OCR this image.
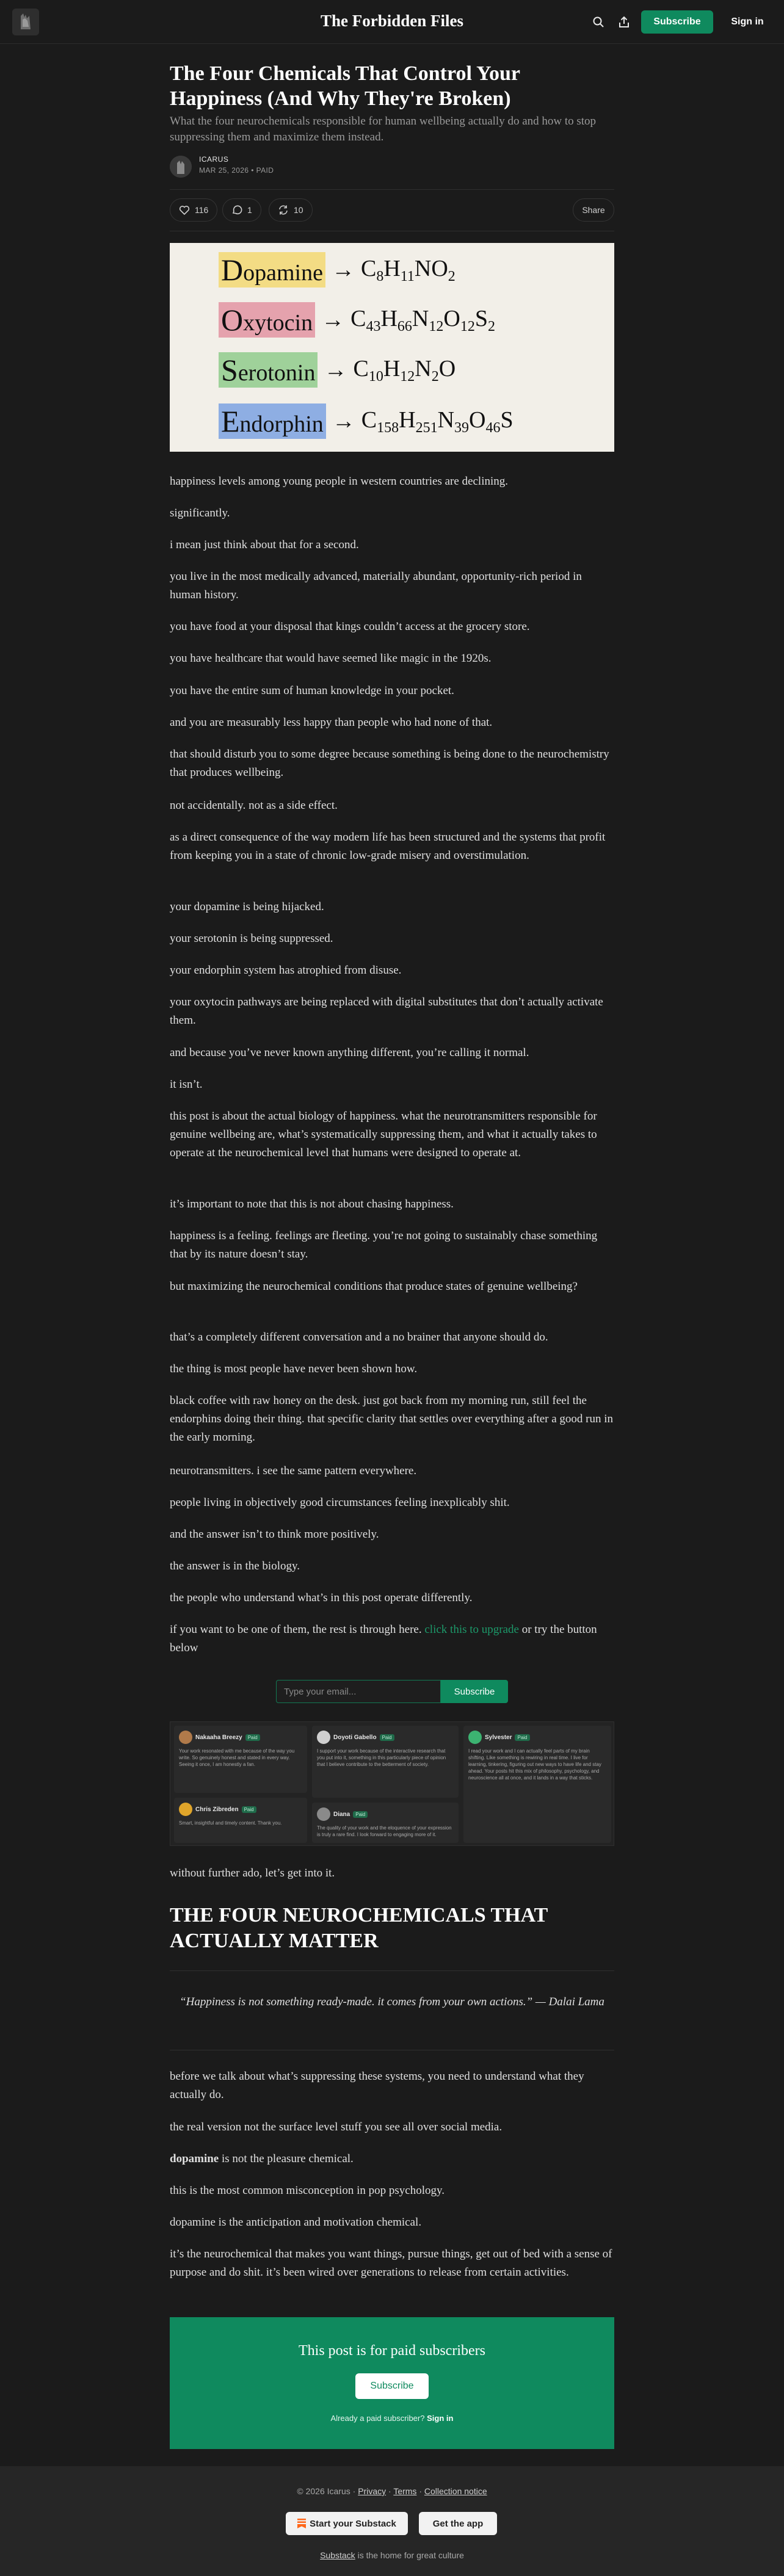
The Forbidden Files	Subscribe	Sign in
The Four Chemicals That Control Your Happiness (And Why They're Broken)
What the four neurochemicals responsible for human wellbeing actually do and how to stop suppressing them and maximize them instead.
ICARUS
MAR 25, 2026 • PAID
116	1	10	Share
Dopamine → $C_8H_{11}NO_2$
Oxytocin → $C_{43}H_{66}N_{12}O_{12}S_2$
Serotonin → $C_{10}H_{12}N_2O$
Endorphin → $C_{158}H_{251}N_{39}O_{46}S$

happiness levels among young people in western countries are declining.

significantly.

i mean just think about that for a second.

you live in the most medically advanced, materially abundant, opportunity-rich period in human history.

you have food at your disposal that kings couldn’t access at the grocery store.

you have healthcare that would have seemed like magic in the 1920s.

you have the entire sum of human knowledge in your pocket.

and you are measurably less happy than people who had none of that.

that should disturb you to some degree because something is being done to the neurochemistry that produces wellbeing.

not accidentally. not as a side effect.

as a direct consequence of the way modern life has been structured and the systems that profit from keeping you in a state of chronic low-grade misery and overstimulation.

your dopamine is being hijacked.

your serotonin is being suppressed.

your endorphin system has atrophied from disuse.

your oxytocin pathways are being replaced with digital substitutes that don’t actually activate them.

and because you’ve never known anything different, you’re calling it normal.

it isn’t.

this post is about the actual biology of happiness. what the neurotransmitters responsible for genuine wellbeing are, what’s systematically suppressing them, and what it actually takes to operate at the neurochemical level that humans were designed to operate at.

it’s important to note that this is not about chasing happiness.

happiness is a feeling. feelings are fleeting. you’re not going to sustainably chase something that by its nature doesn’t stay.

but maximizing the neurochemical conditions that produce states of genuine wellbeing?

that’s a completely different conversation and a no brainer that anyone should do.

the thing is most people have never been shown how.

black coffee with raw honey on the desk. just got back from my morning run, still feel the endorphins doing their thing. that specific clarity that settles over everything after a good run in the early morning.

neurotransmitters. i see the same pattern everywhere.

people living in objectively good circumstances feeling inexplicably shit.

and the answer isn’t to think more positively.

the answer is in the biology.

the people who understand what’s in this post operate differently.

if you want to be one of them, the rest is through here. click this to upgrade or try the button below

Type your email...	Subscribe
Nakaaha Breezy	Paid
Your work resonated with me because of the way you write. So genuinely honest and stated in every way. Seeing it once, I am honestly a fan.
Chris Zibreden	Paid
Smart, insightful and timely content. Thank you.
Doyoti Gabello	Paid
I support your work because of the interactive research that you put into it, something in this particularly piece of opinion that I believe contribute to the betterment of society.
Diana	Paid
The quality of your work and the eloquence of your expression is truly a rare find. I look forward to engaging more of it.
Sylvester	Paid
I read your work and I can actually feel parts of my brain shifting. Like something is rewiring in real time. I live for learning, tinkering, figuring out new ways to have life and stay ahead. Your posts hit this mix of philosophy, psychology, and neuroscience all at once, and it lands in a way that sticks.

without further ado, let’s get into it.

THE FOUR NEUROCHEMICALS THAT ACTUALLY MATTER
“Happiness is not something ready-made. it comes from your own actions.” — Dalai Lama

before we talk about what’s suppressing these systems, you need to understand what they actually do.

the real version not the surface level stuff you see all over social media.

dopamine is not the pleasure chemical.

this is the most common misconception in pop psychology.

dopamine is the anticipation and motivation chemical.

it’s the neurochemical that makes you want things, pursue things, get out of bed with a sense of purpose and do shit. it’s been wired over generations to release from certain activities.

This post is for paid subscribers
Subscribe
Already a paid subscriber? Sign in
© 2026 Icarus · Privacy · Terms · Collection notice
Start your Substack	Get the app
Substack is the home for great culture
